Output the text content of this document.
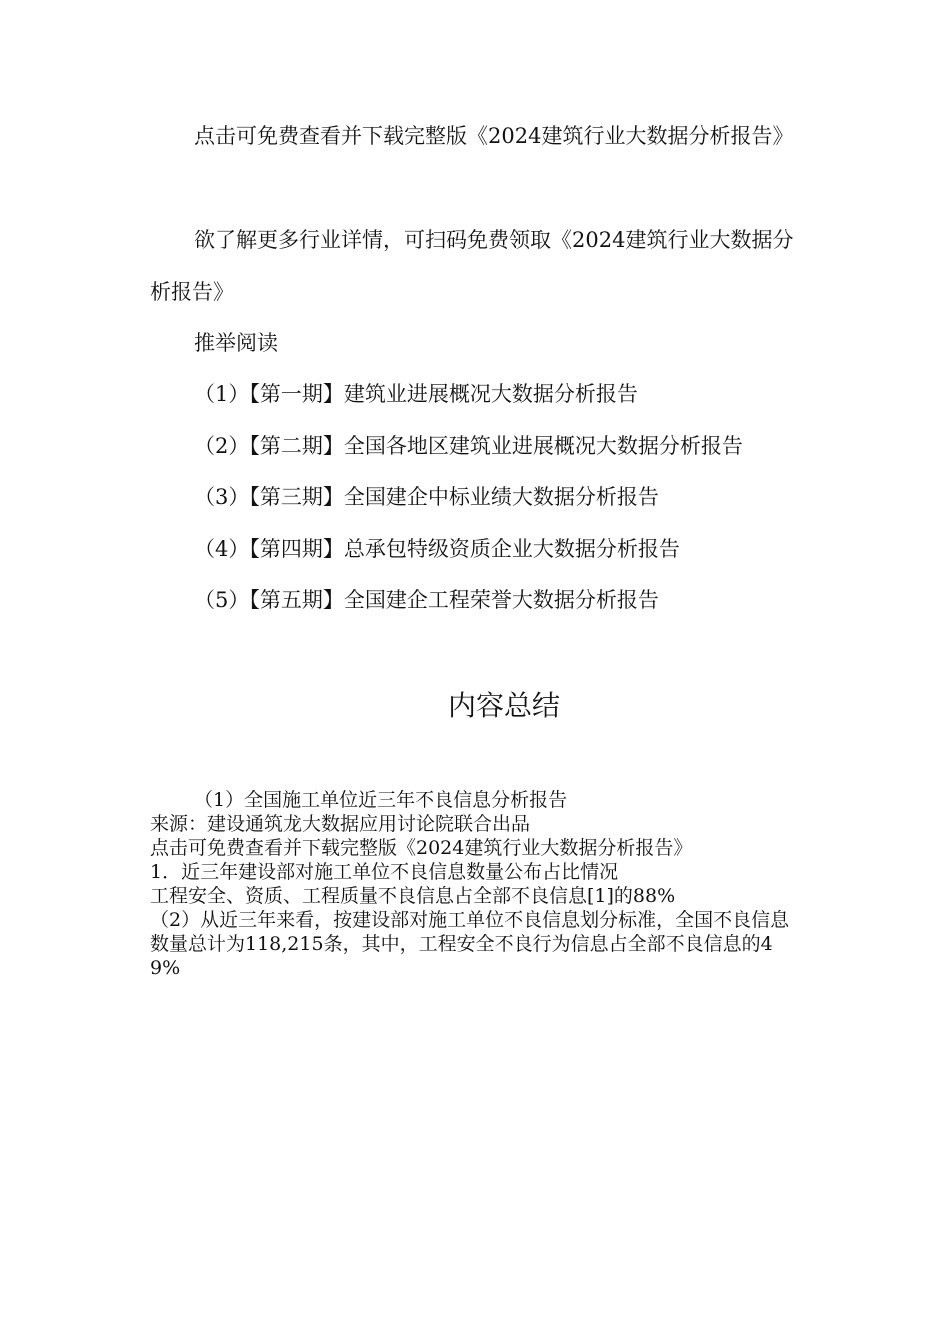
点击可免费查看并下载完整版《2024建筑行业大数据分析报告》

欲了解更多行业详情，可扫码免费领取《2024建筑行业大数据分析报告》

推举阅读

（1）【第一期】建筑业进展概况大数据分析报告

（2）【第二期】全国各地区建筑业进展概况大数据分析报告

（3）【第三期】全国建企中标业绩大数据分析报告

（4）【第四期】总承包特级资质企业大数据分析报告

（5）【第五期】全国建企工程荣誉大数据分析报告

内容总结

（1）全国施工单位近三年不良信息分析报告

来源：建设通筑龙大数据应用讨论院联合出品

点击可免费查看并下载完整版《2024建筑行业大数据分析报告》

1．近三年建设部对施工单位不良信息数量公布占比情况

工程安全、资质、工程质量不良信息占全部不良信息[1]的88%

（2）从近三年来看，按建设部对施工单位不良信息划分标准，全国不良信息数量总计为118,215条，其中，工程安全不良行为信息占全部不良信息的49%
